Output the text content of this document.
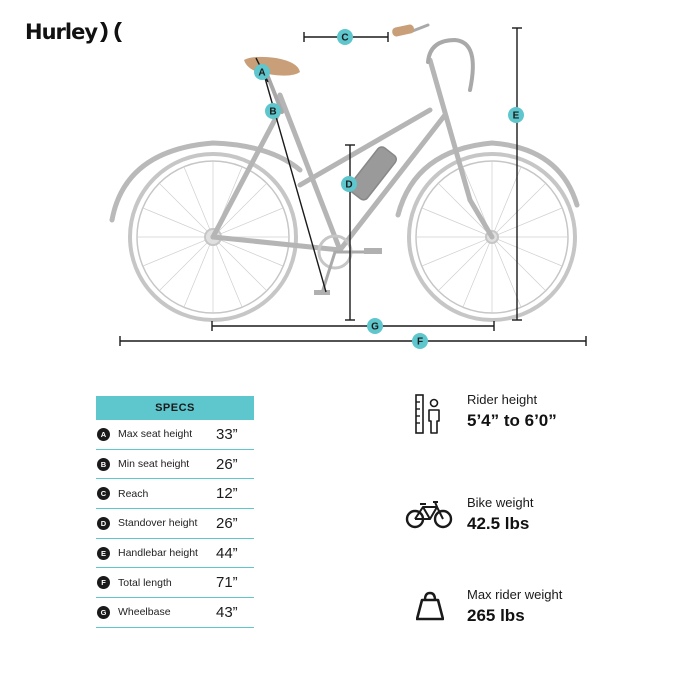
Hurley
A
B
C
D
E
F
G
SPECS
A	Max seat height	33”
B	Min seat height	26”
C	Reach	12”
D	Standover height	26”
E	Handlebar height	44”
F	Total length	71”
G	Wheelbase	43”
Rider height
5’4” to 6’0”
Bike weight
42.5 lbs
Max rider weight
265 lbs
